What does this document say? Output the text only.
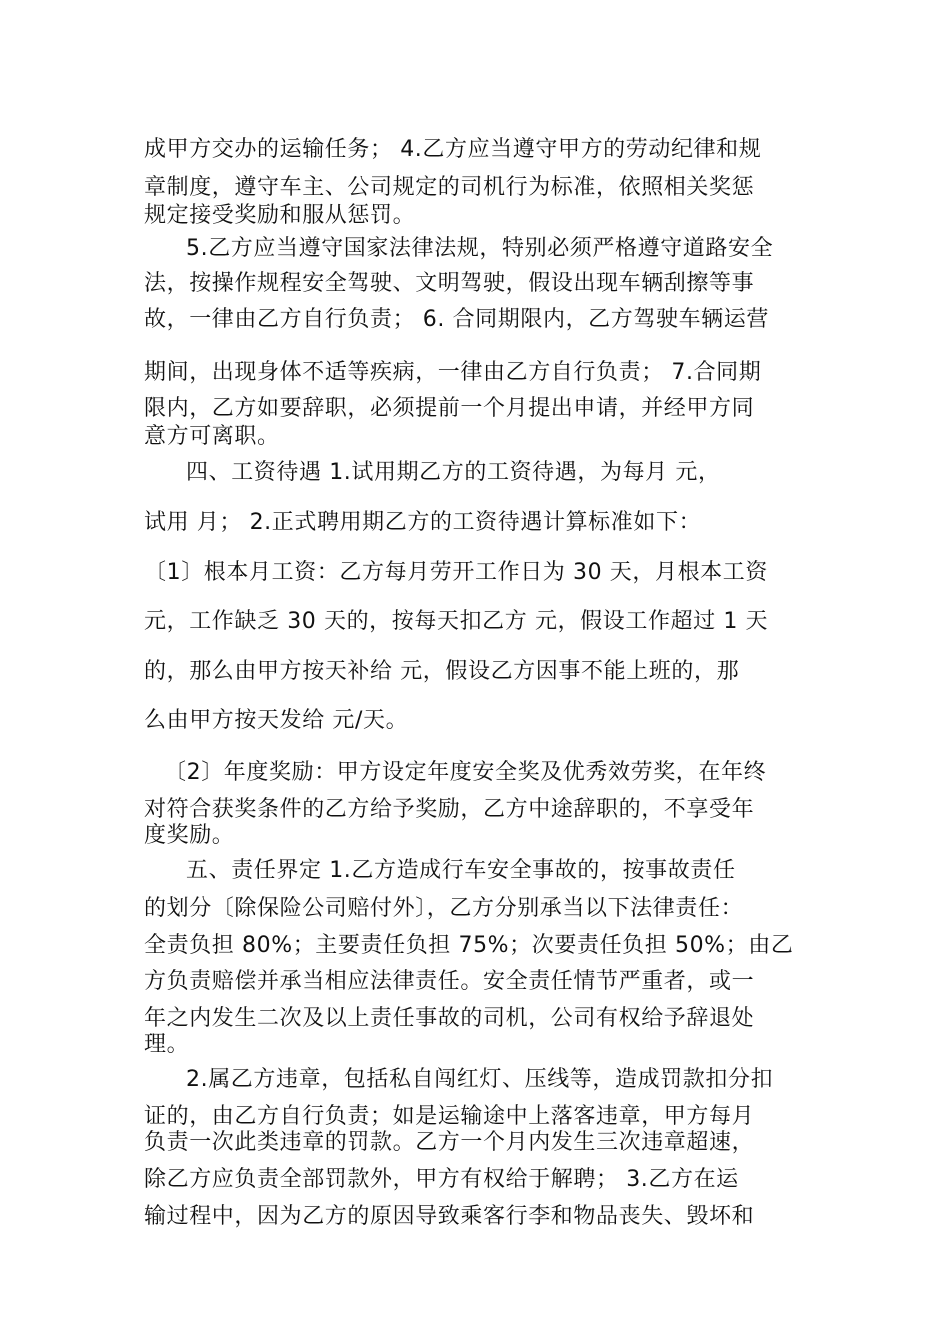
成甲方交办的运输任务； 4.乙方应当遵守甲方的劳动纪律和规
章制度，遵守车主、公司规定的司机行为标准，依照相关奖惩
规定接受奖励和服从惩罚。
5.乙方应当遵守国家法律法规，特别必须严格遵守道路安全
法，按操作规程安全驾驶、文明驾驶，假设出现车辆刮擦等事
故，一律由乙方自行负责； 6. 合同期限内，乙方驾驶车辆运营
期间，出现身体不适等疾病，一律由乙方自行负责； 7.合同期
限内，乙方如要辞职，必须提前一个月提出申请，并经甲方同
意方可离职。
四、工资待遇 1.试用期乙方的工资待遇，为每月 元，
试用 月； 2.正式聘用期乙方的工资待遇计算标准如下：
〔1〕根本月工资：乙方每月劳开工作日为 30 天，月根本工资
元，工作缺乏 30 天的，按每天扣乙方 元，假设工作超过 1 天
的，那么由甲方按天补给 元，假设乙方因事不能上班的，那
么由甲方按天发给 元/天。
〔2〕年度奖励：甲方设定年度安全奖及优秀效劳奖，在年终
对符合获奖条件的乙方给予奖励，乙方中途辞职的，不享受年
度奖励。
五、责任界定 1.乙方造成行车安全事故的，按事故责任
的划分〔除保险公司赔付外〕，乙方分别承当以下法律责任：
全责负担 80%；主要责任负担 75%；次要责任负担 50%；由乙
方负责赔偿并承当相应法律责任。安全责任情节严重者，或一
年之内发生二次及以上责任事故的司机，公司有权给予辞退处
理。
2.属乙方违章，包括私自闯红灯、压线等，造成罚款扣分扣
证的，由乙方自行负责；如是运输途中上落客违章，甲方每月
负责一次此类违章的罚款。乙方一个月内发生三次违章超速，
除乙方应负责全部罚款外，甲方有权给于解聘； 3.乙方在运
输过程中，因为乙方的原因导致乘客行李和物品丧失、毁坏和
